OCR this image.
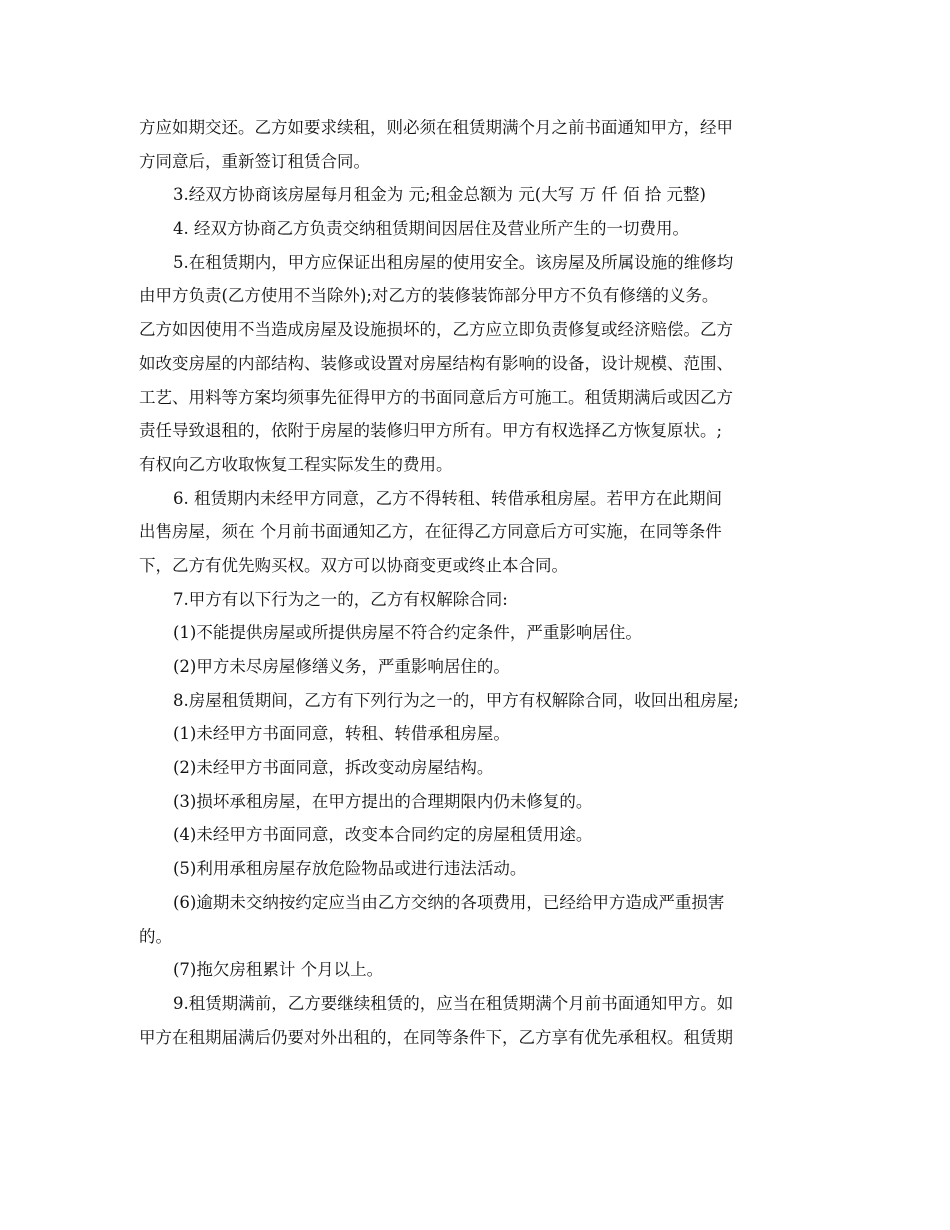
方应如期交还。乙方如要求续租，则必须在租赁期满个月之前书面通知甲方，经甲
方同意后，重新签订租赁合同。
3.经双方协商该房屋每月租金为 元;租金总额为 元(大写 万 仟 佰 拾 元整)
4. 经双方协商乙方负责交纳租赁期间因居住及营业所产生的一切费用。
5.在租赁期内，甲方应保证出租房屋的使用安全。该房屋及所属设施的维修均
由甲方负责(乙方使用不当除外);对乙方的装修装饰部分甲方不负有修缮的义务。
乙方如因使用不当造成房屋及设施损坏的，乙方应立即负责修复或经济赔偿。乙方
如改变房屋的内部结构、装修或设置对房屋结构有影响的设备，设计规模、范围、
工艺、用料等方案均须事先征得甲方的书面同意后方可施工。租赁期满后或因乙方
责任导致退租的，依附于房屋的装修归甲方所有。甲方有权选择乙方恢复原状。;
有权向乙方收取恢复工程实际发生的费用。
6. 租赁期内未经甲方同意，乙方不得转租、转借承租房屋。若甲方在此期间
出售房屋，须在 个月前书面通知乙方，在征得乙方同意后方可实施，在同等条件
下，乙方有优先购买权。双方可以协商变更或终止本合同。
7.甲方有以下行为之一的，乙方有权解除合同:
(1)不能提供房屋或所提供房屋不符合约定条件，严重影响居住。
(2)甲方未尽房屋修缮义务，严重影响居住的。
8.房屋租赁期间，乙方有下列行为之一的，甲方有权解除合同，收回出租房屋;
(1)未经甲方书面同意，转租、转借承租房屋。
(2)未经甲方书面同意，拆改变动房屋结构。
(3)损坏承租房屋，在甲方提出的合理期限内仍未修复的。
(4)未经甲方书面同意，改变本合同约定的房屋租赁用途。
(5)利用承租房屋存放危险物品或进行违法活动。
(6)逾期未交纳按约定应当由乙方交纳的各项费用，已经给甲方造成严重损害
的。
(7)拖欠房租累计 个月以上。
9.租赁期满前，乙方要继续租赁的，应当在租赁期满个月前书面通知甲方。如
甲方在租期届满后仍要对外出租的，在同等条件下，乙方享有优先承租权。租赁期
